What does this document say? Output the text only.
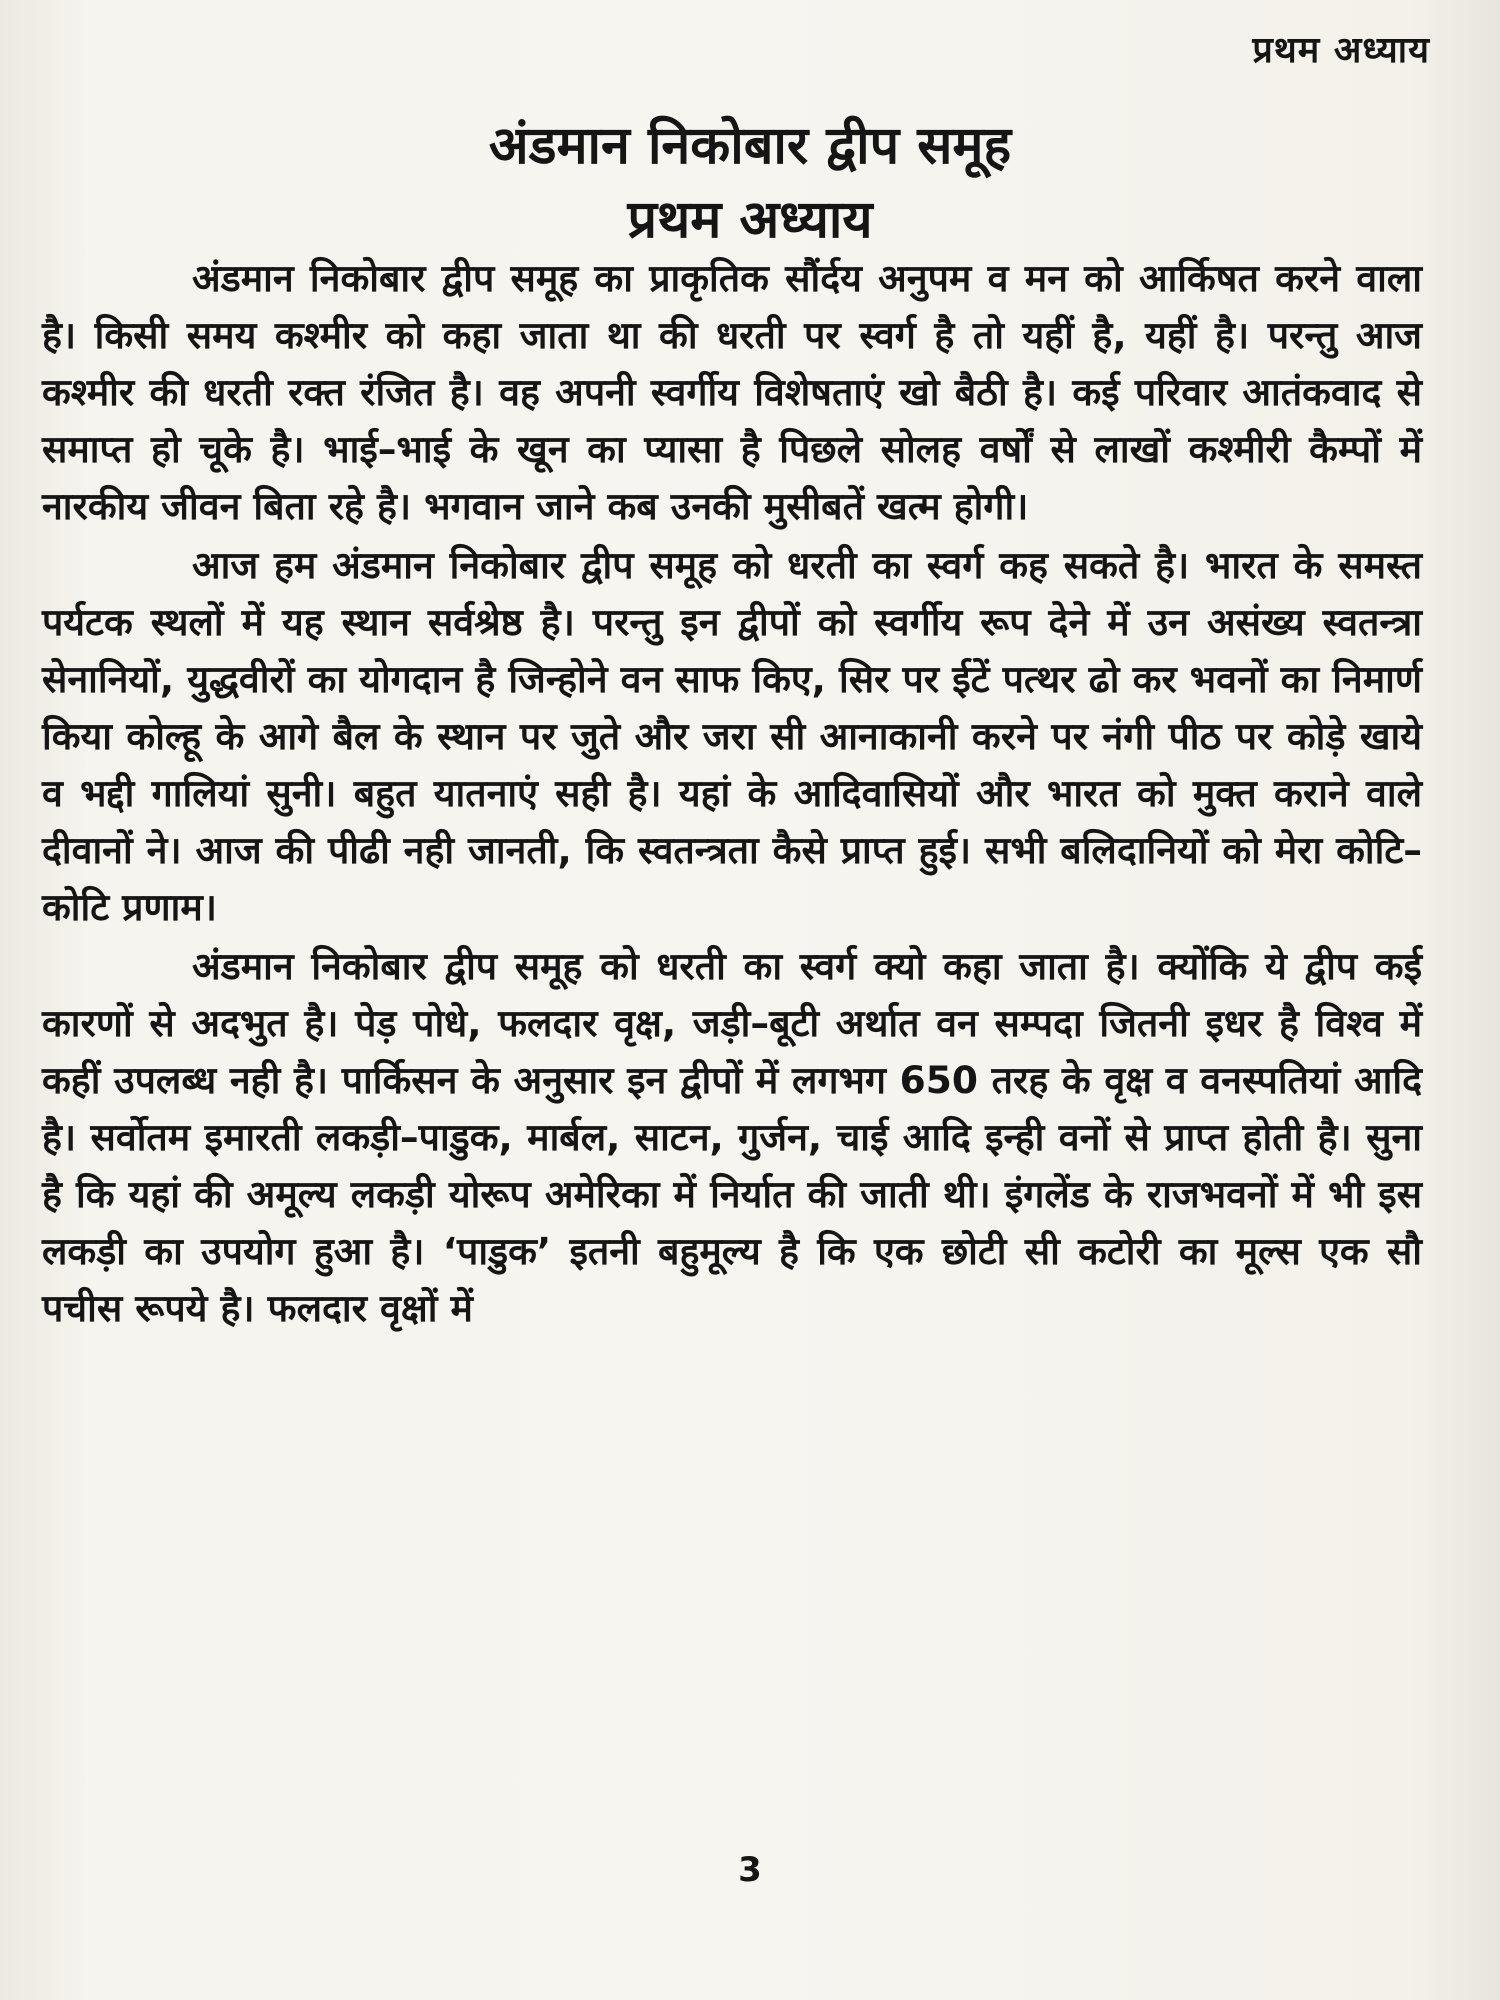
प्रथम अध्याय
अंडमान निकोबार द्वीप समूह
प्रथम अध्याय

अंडमान निकोबार द्वीप समूह का प्राकृतिक सौंर्दय अनुपम व मन को आर्किषत करने वाला है। किसी समय कश्मीर को कहा जाता था की धरती पर स्वर्ग है तो यहीं है, यहीं है। परन्तु आज कश्मीर की धरती रक्त रंजित है। वह अपनी स्वर्गीय विशेषताएं खो बैठी है। कई परिवार आतंकवाद से समाप्त हो चूके है। भाई–भाई के खून का प्यासा है पिछले सोलह वर्षों से लाखों कश्मीरी कैम्पों में नारकीय जीवन बिता रहे है। भगवान जाने कब उनकी मुसीबतें खत्म होगी।

आज हम अंडमान निकोबार द्वीप समूह को धरती का स्वर्ग कह सकते है। भारत के समस्त पर्यटक स्थलों में यह स्थान सर्वश्रेष्ठ है। परन्तु इन द्वीपों को स्वर्गीय रूप देने में उन असंख्य स्वतन्त्रा सेनानियों, युद्धवीरों का योगदान है जिन्होने वन साफ किए, सिर पर ईटें पत्थर ढो कर भवनों का निमार्ण किया कोल्हू के आगे बैल के स्थान पर जुते और जरा सी आनाकानी करने पर नंगी पीठ पर कोड़े खाये व भद्दी गालियां सुनी। बहुत यातनाएं सही है। यहां के आदिवासियों और भारत को मुक्त कराने वाले दीवानों ने। आज की पीढी नही जानती, कि स्वतन्त्रता कैसे प्राप्त हुई। सभी बलिदानियों को मेरा कोटि–कोटि प्रणाम।

अंडमान निकोबार द्वीप समूह को धरती का स्वर्ग क्यो कहा जाता है। क्योंकि ये द्वीप कई कारणों से अदभुत है। पेड़ पोधे, फलदार वृक्ष, जड़ी–बूटी अर्थात वन सम्पदा जितनी इधर है विश्व में कहीं उपलब्ध नही है। पार्किसन के अनुसार इन द्वीपों में लगभग 650 तरह के वृक्ष व वनस्पतियां आदि है। सर्वोतम इमारती लकड़ी–पाडुक, मार्बल, साटन, गुर्जन, चाई आदि इन्ही वनों से प्राप्त होती है। सुना है कि यहां की अमूल्य लकड़ी योरूप अमेरिका में निर्यात की जाती थी। इंगलेंड के राजभवनों में भी इस लकड़ी का उपयोग हुआ है। ‘पाडुक’ इतनी बहुमूल्य है कि एक छोटी सी कटोरी का मूल्स एक सौ पचीस रूपये है। फलदार वृक्षों में

3
